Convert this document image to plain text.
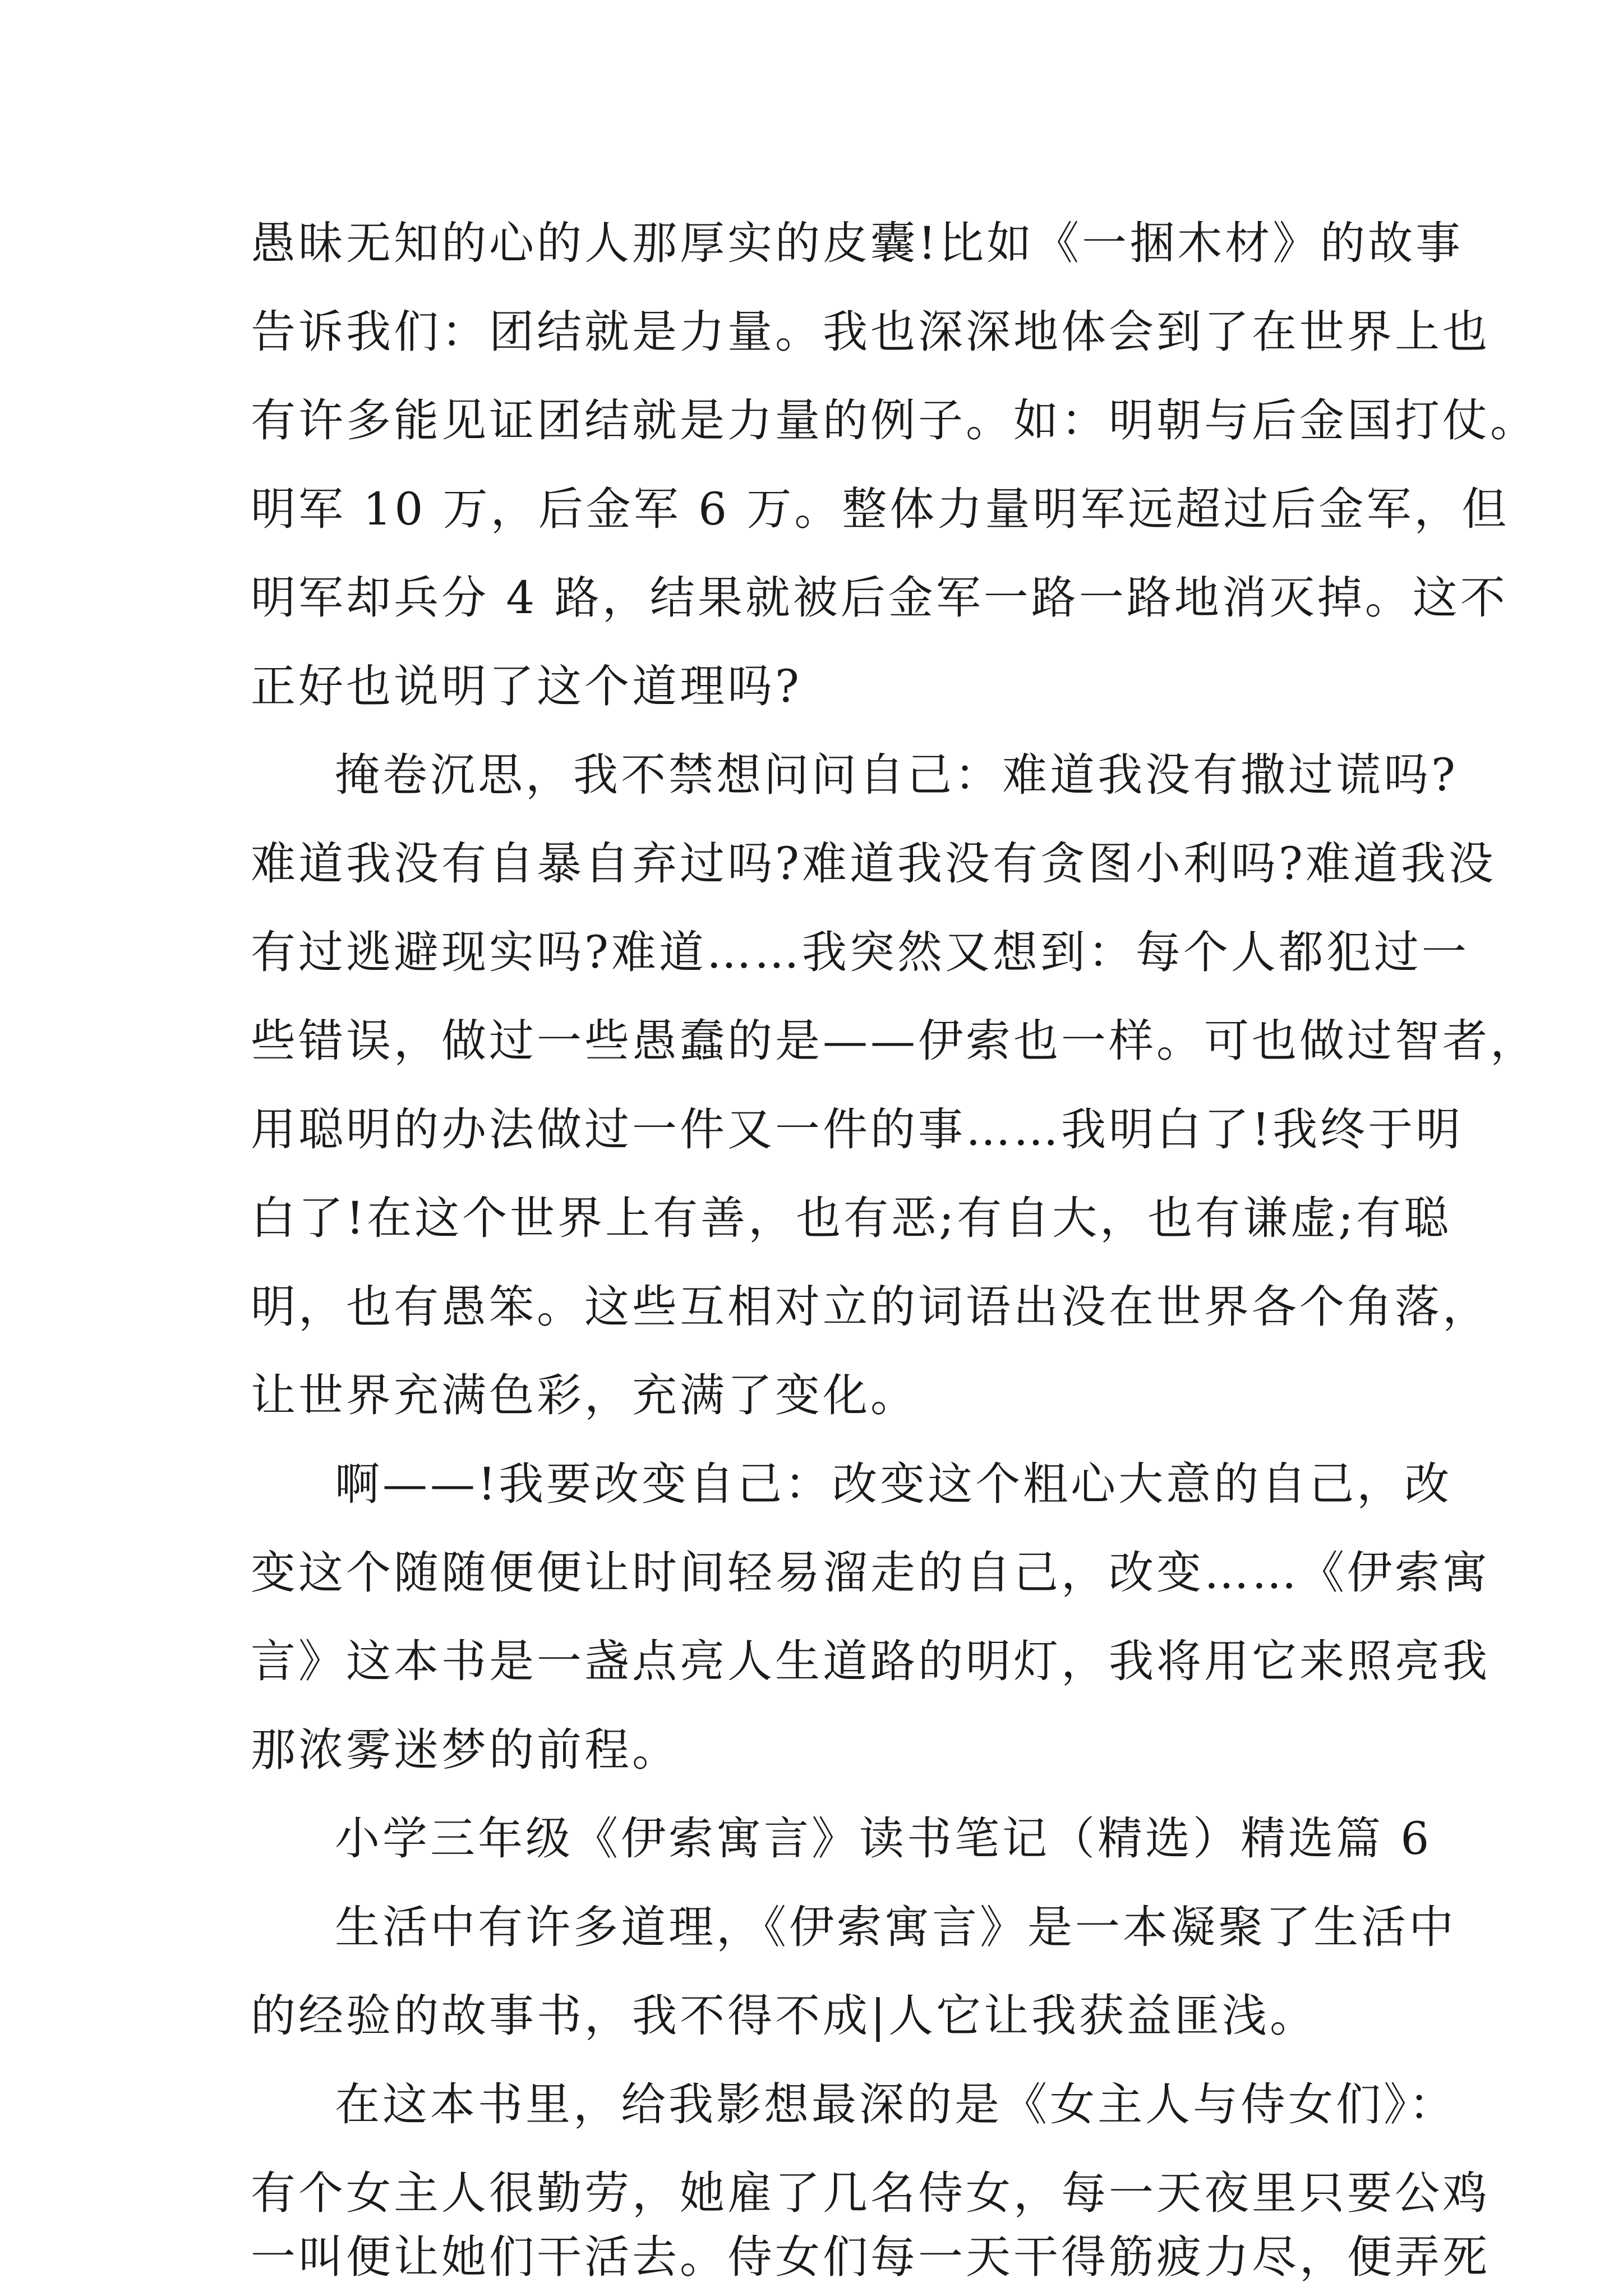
愚昧无知的心的人那厚实的皮囊!比如《一捆木材》的故事
告诉我们：团结就是力量。我也深深地体会到了在世界上也
有许多能见证团结就是力量的例子。如：明朝与后金国打仗。
明军 10 万，后金军 6 万。整体力量明军远超过后金军，但
明军却兵分 4 路，结果就被后金军一路一路地消灭掉。这不
正好也说明了这个道理吗?
掩卷沉思，我不禁想问问自己：难道我没有撒过谎吗?
难道我没有自暴自弃过吗?难道我没有贪图小利吗?难道我没
有过逃避现实吗?难道……我突然又想到：每个人都犯过一
些错误，做过一些愚蠢的是——伊索也一样。可也做过智者，
用聪明的办法做过一件又一件的事……我明白了!我终于明
白了!在这个世界上有善，也有恶;有自大，也有谦虚;有聪
明，也有愚笨。这些互相对立的词语出没在世界各个角落，
让世界充满色彩，充满了变化。
啊——!我要改变自己：改变这个粗心大意的自己，改
变这个随随便便让时间轻易溜走的自己，改变……《伊索寓
言》这本书是一盏点亮人生道路的明灯，我将用它来照亮我
那浓雾迷梦的前程。
小学三年级《伊索寓言》读书笔记（精选）精选篇 6
生活中有许多道理，《伊索寓言》是一本凝聚了生活中
的经验的故事书，我不得不成|人它让我获益匪浅。
在这本书里，给我影想最深的是《女主人与侍女们》：
有个女主人很勤劳，她雇了几名侍女，每一天夜里只要公鸡
一叫便让她们干活去。侍女们每一天干得筋疲力尽，便弄死
